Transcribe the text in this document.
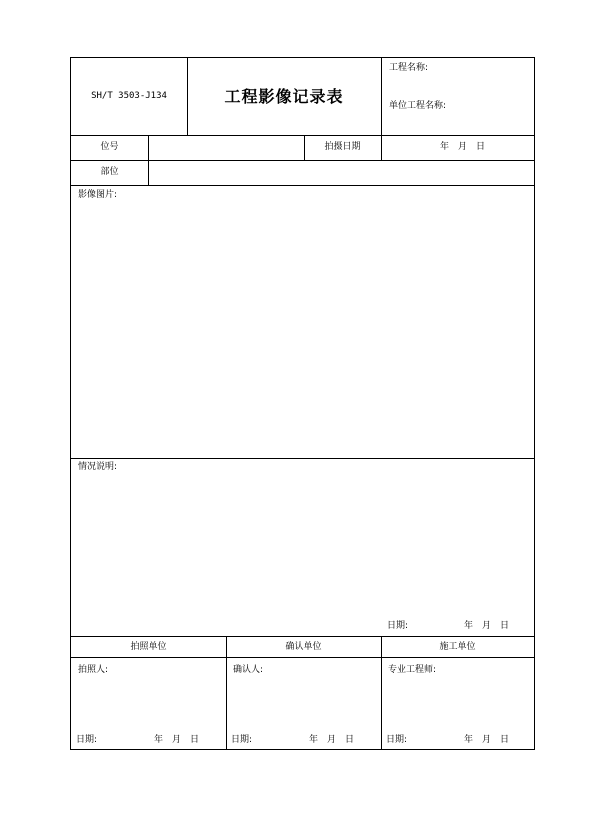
SH/T 3503-J134	工程影像记录表
工程名称:
单位工程名称:
位号	拍摄日期	年　月　日
部位
影像图片:
情况说明:
日期:	年　月　日
拍照单位	确认单位	施工单位
拍照人:	确认人:	专业工程师:
日期:	年　月　日	日期:	年　月　日	日期:	年　月　日
